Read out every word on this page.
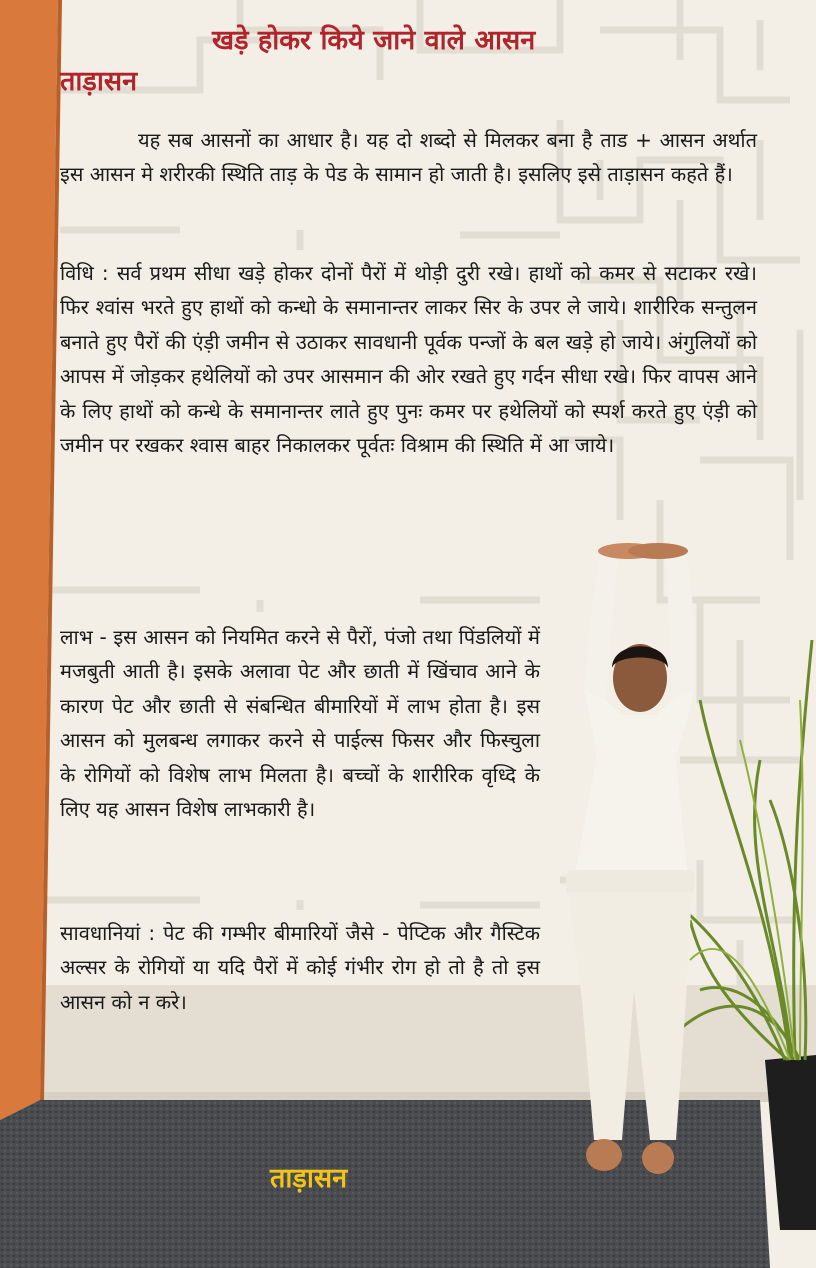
खड़े होकर किये जाने वाले आसन
ताड़ासन

यह सब आसनों का आधार है। यह दो शब्दो से मिलकर बना है ताड + आसन अर्थात इस आसन मे शरीरकी स्थिति ताड़ के पेड के सामान हो जाती है। इसलिए इसे ताड़ासन कहते हैं।

विधि : सर्व प्रथम सीधा खड़े होकर दोनों पैरों में थोड़ी दुरी रखे। हाथों को कमर से सटाकर रखे। फिर श्वांस भरते हुए हाथों को कन्धो के समानान्तर लाकर सिर के उपर ले जाये। शारीरिक सन्तुलन बनाते हुए पैरों की एंड़ी जमीन से उठाकर सावधानी पूर्वक पन्जों के बल खड़े हो जाये। अंगुलियों को आपस में जोड़कर हथेलियों को उपर आसमान की ओर रखते हुए गर्दन सीधा रखे। फिर वापस आने के लिए हाथों को कन्धे के समानान्तर लाते हुए पुनः कमर पर हथेलियों को स्पर्श करते हुए एंड़ी को जमीन पर रखकर श्वास बाहर निकालकर पूर्वतः विश्राम की स्थिति में आ जाये।

लाभ - इस आसन को नियमित करने से पैरों, पंजो तथा पिंडलियों में मजबुती आती है। इसके अलावा पेट और छाती में खिंचाव आने के कारण पेट और छाती से संबन्धित बीमारियों में लाभ होता है। इस आसन को मुलबन्ध लगाकर करने से पाईल्स फिसर और फिस्चुला के रोगियों को विशेष लाभ मिलता है। बच्चों के शारीरिक वृध्दि के लिए यह आसन विशेष लाभकारी है।

सावधानियां : पेट की गम्भीर बीमारियों जैसे - पेप्टिक और गैस्टिक अल्सर के रोगियों या यदि पैरों में कोई गंभीर रोग हो तो है तो इस आसन को न करे।

ताड़ासन
